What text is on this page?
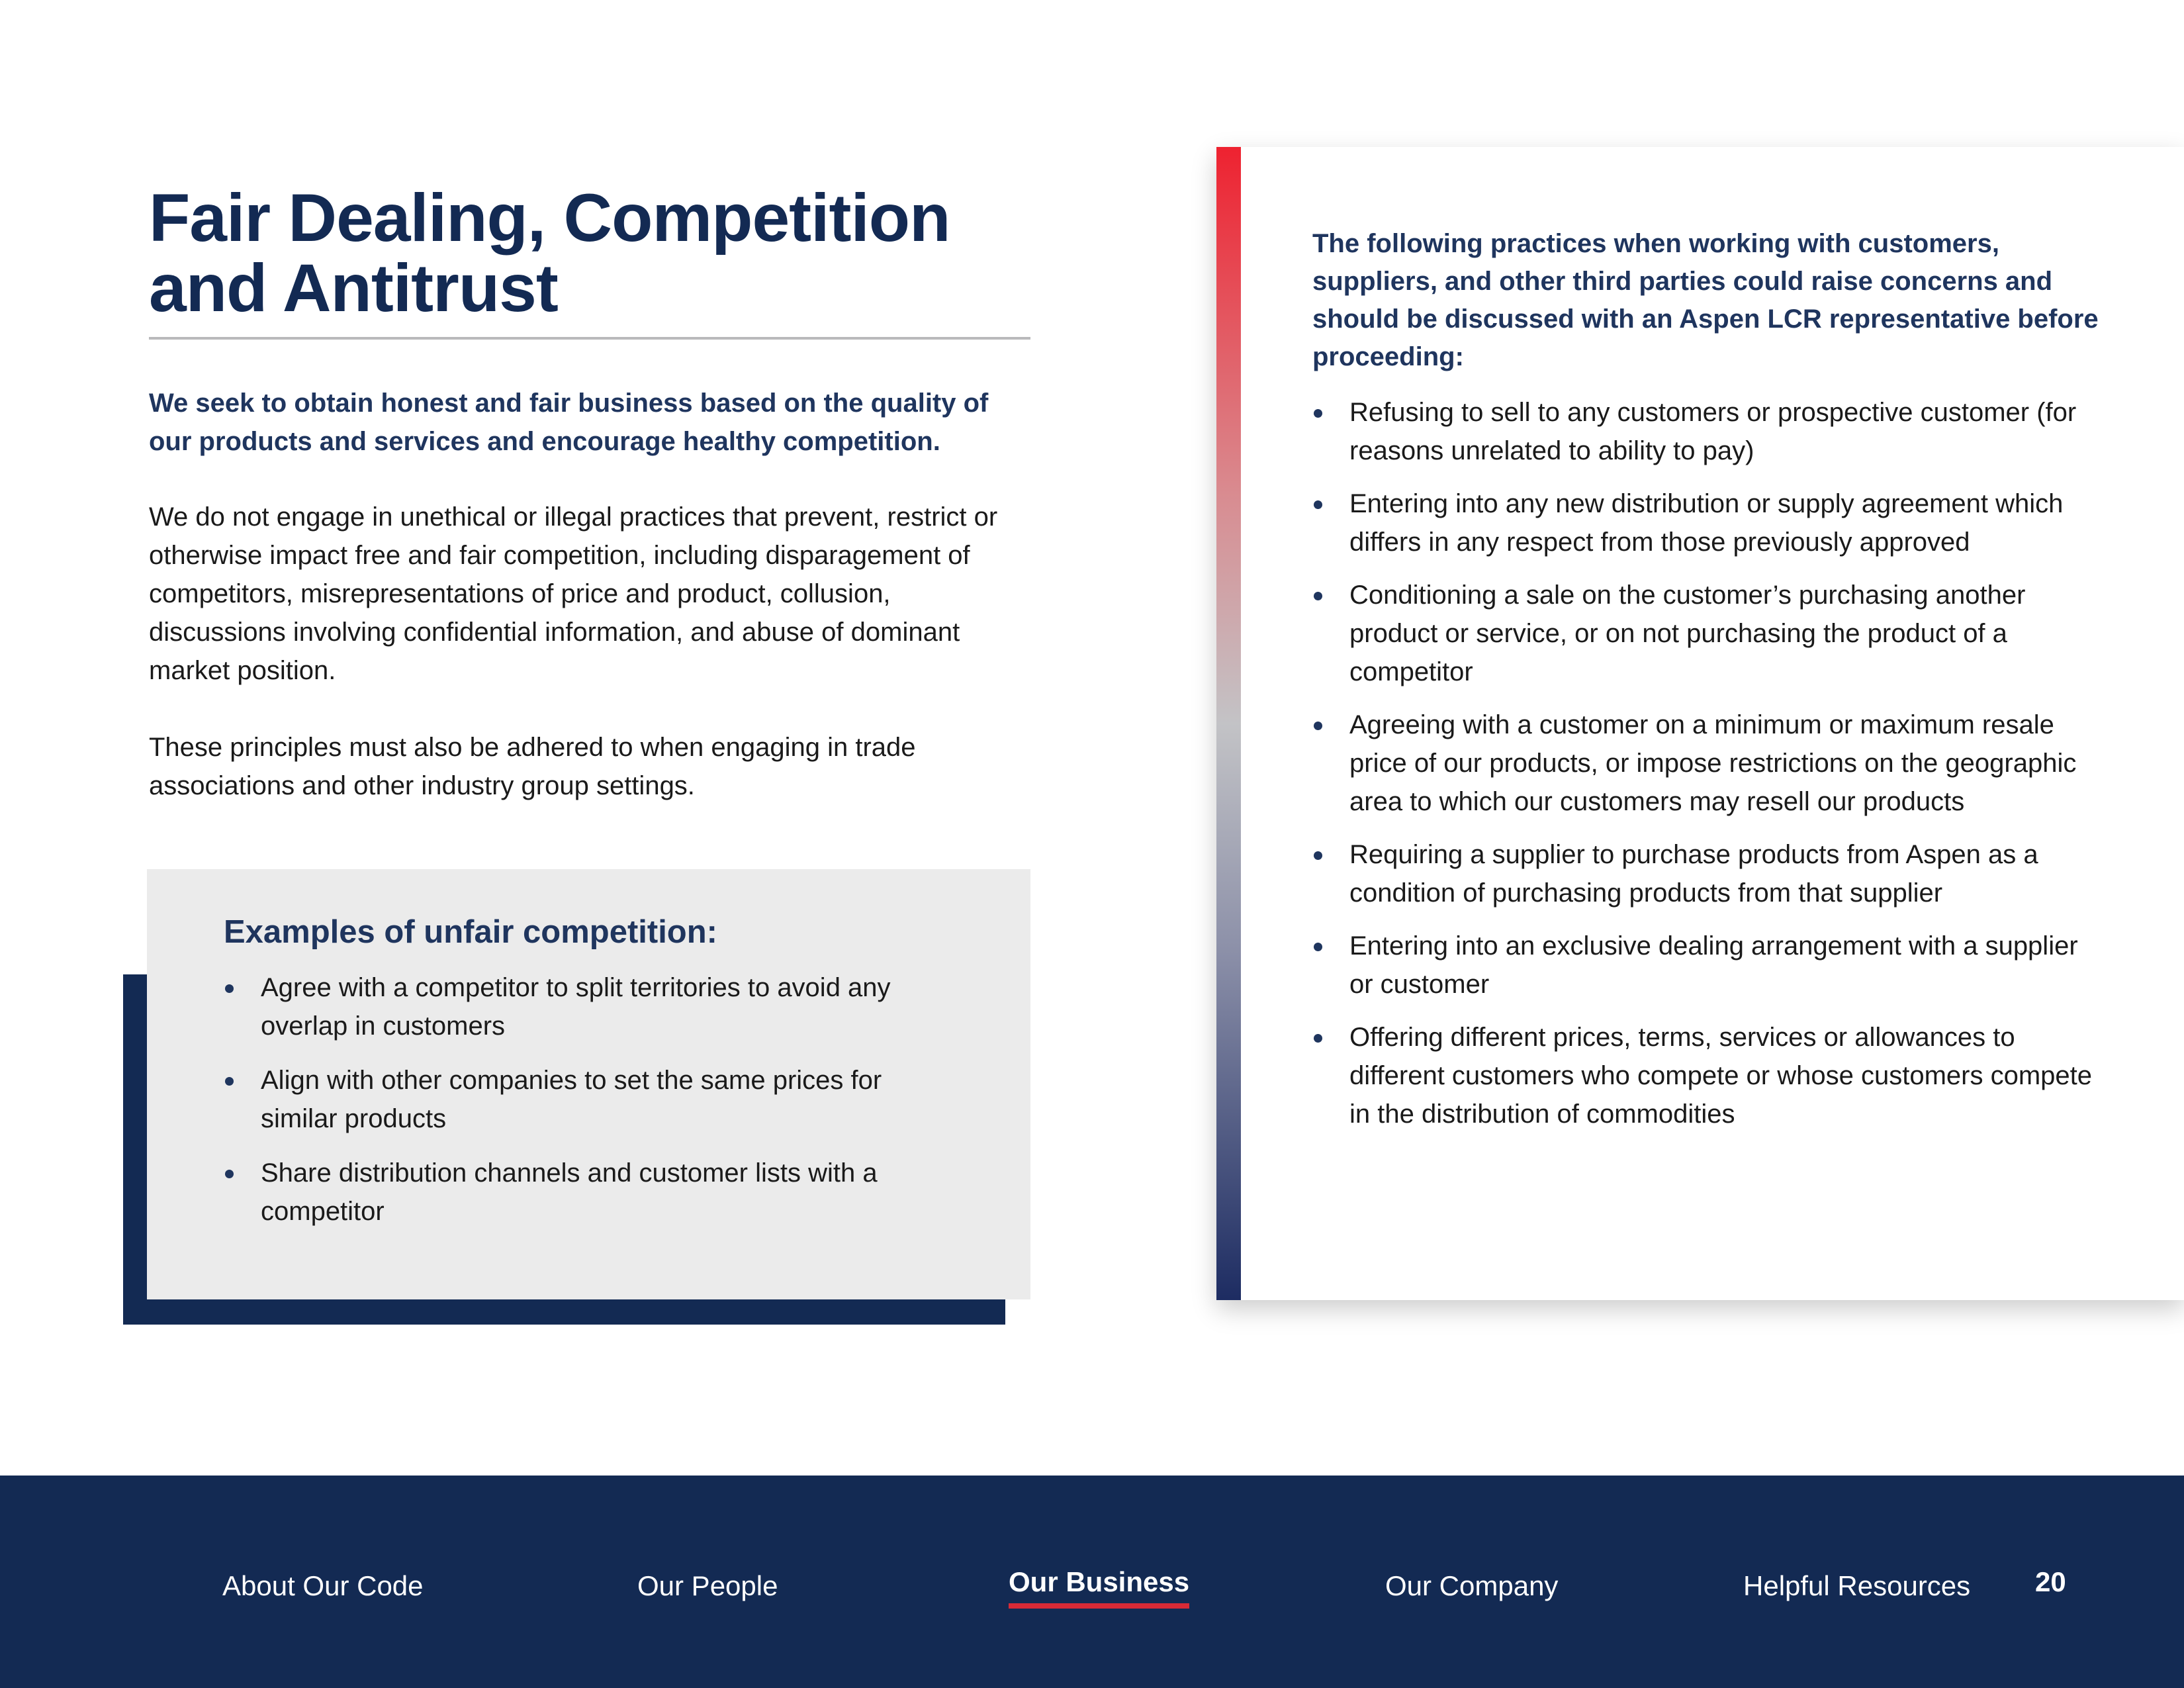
Fair Dealing, Competition
and Antitrust

We seek to obtain honest and fair business based on the quality of our products and services and encourage healthy competition.

We do not engage in unethical or illegal practices that prevent, restrict or otherwise impact free and fair competition, including disparagement of competitors, misrepresentations of price and product, collusion, discussions involving confidential information, and abuse of dominant market position.

These principles must also be adhered to when engaging in trade associations and other industry group settings.

Examples of unfair competition:
Agree with a competitor to split territories to avoid any overlap in customers
Align with other companies to set the same prices for similar products
Share distribution channels and customer lists with a competitor

The following practices when working with customers, suppliers, and other third parties could raise concerns and should be discussed with an Aspen LCR representative before proceeding:

Refusing to sell to any customers or prospective customer (for reasons unrelated to ability to pay)
Entering into any new distribution or supply agreement which differs in any respect from those previously approved
Conditioning a sale on the customer’s purchasing another product or service, or on not purchasing the product of a competitor
Agreeing with a customer on a minimum or maximum resale price of our products, or impose restrictions on the geographic area to which our customers may resell our products
Requiring a supplier to purchase products from Aspen as a condition of purchasing products from that supplier
Entering into an exclusive dealing arrangement with a supplier or customer
Offering different prices, terms, services or allowances to different customers who compete or whose customers compete in the distribution of commodities
About Our Code	Our People	Our Business	Our Company	Helpful Resources 20
